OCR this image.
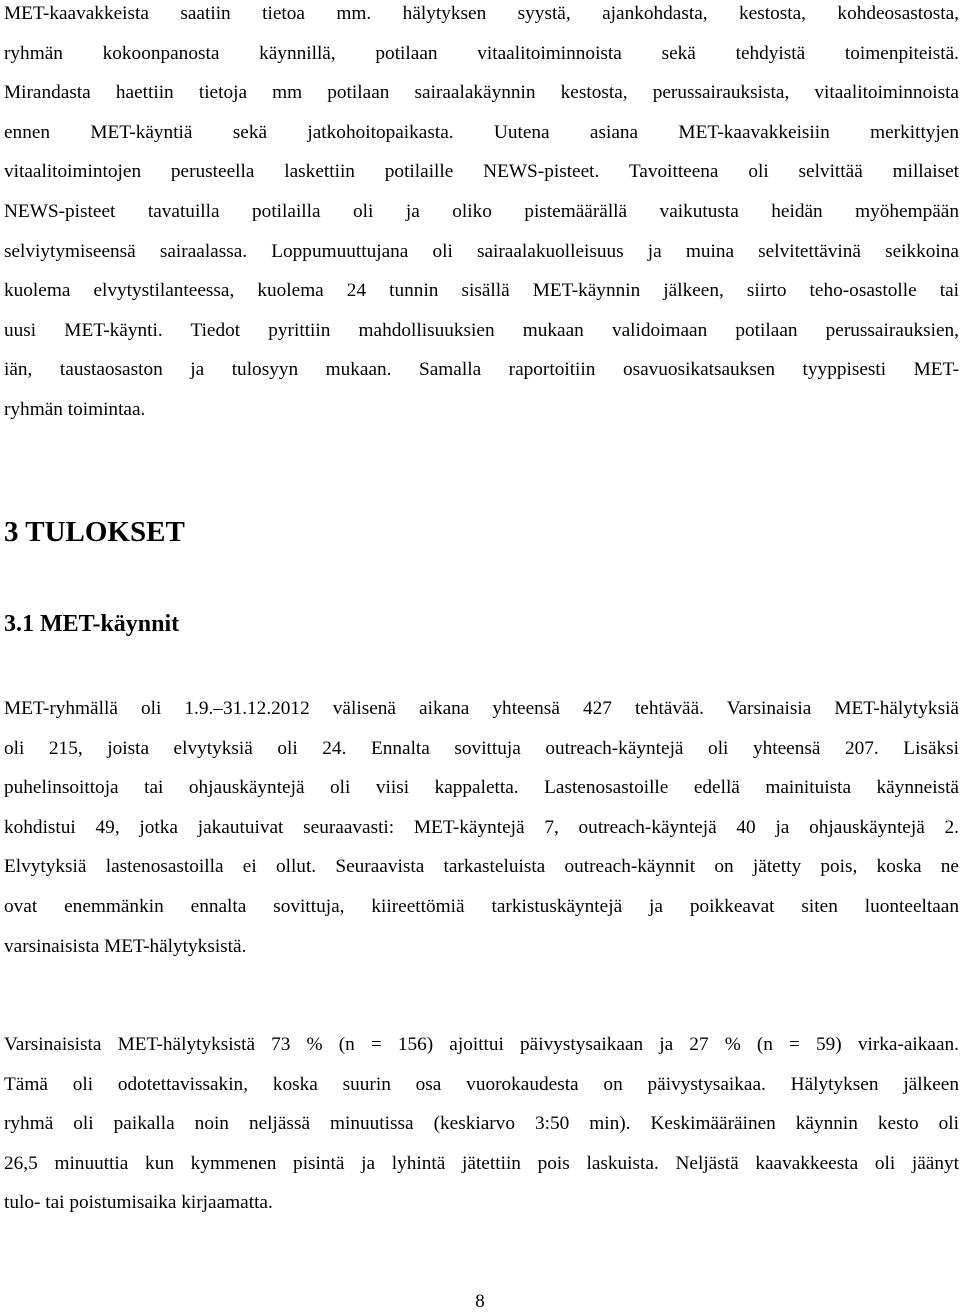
MET-kaavakkeista saatiin tietoa mm. hälytyksen syystä, ajankohdasta, kestosta, kohdeosastosta,
ryhmän kokoonpanosta käynnillä, potilaan vitaalitoiminnoista sekä tehdyistä toimenpiteistä.
Mirandasta haettiin tietoja mm potilaan sairaalakäynnin kestosta, perussairauksista, vitaalitoiminnoista
ennen MET-käyntiä sekä jatkohoitopaikasta. Uutena asiana MET-kaavakkeisiin merkittyjen
vitaalitoimintojen perusteella laskettiin potilaille NEWS-pisteet. Tavoitteena oli selvittää millaiset
NEWS-pisteet tavatuilla potilailla oli ja oliko pistemäärällä vaikutusta heidän myöhempään
selviytymiseensä sairaalassa. Loppumuuttujana oli sairaalakuolleisuus ja muina selvitettävinä seikkoina
kuolema elvytystilanteessa, kuolema 24 tunnin sisällä MET-käynnin jälkeen, siirto teho-osastolle tai
uusi MET-käynti. Tiedot pyrittiin mahdollisuuksien mukaan validoimaan potilaan perussairauksien,
iän, taustaosaston ja tulosyyn mukaan. Samalla raportoitiin osavuosikatsauksen tyyppisesti MET-
ryhmän toimintaa.

3 TULOKSET
3.1 MET-käynnit

MET-ryhmällä oli 1.9.–31.12.2012 välisenä aikana yhteensä 427 tehtävää. Varsinaisia MET-hälytyksiä
oli 215, joista elvytyksiä oli 24. Ennalta sovittuja outreach-käyntejä oli yhteensä 207. Lisäksi
puhelinsoittoja tai ohjauskäyntejä oli viisi kappaletta. Lastenosastoille edellä mainituista käynneistä
kohdistui 49, jotka jakautuivat seuraavasti: MET-käyntejä 7, outreach-käyntejä 40 ja ohjauskäyntejä 2.
Elvytyksiä lastenosastoilla ei ollut. Seuraavista tarkasteluista outreach-käynnit on jätetty pois, koska ne
ovat enemmänkin ennalta sovittuja, kiireettömiä tarkistuskäyntejä ja poikkeavat siten luonteeltaan
varsinaisista MET-hälytyksistä.

Varsinaisista MET-hälytyksistä 73 % (n = 156) ajoittui päivystysaikaan ja 27 % (n = 59) virka-aikaan.
Tämä oli odotettavissakin, koska suurin osa vuorokaudesta on päivystysaikaa. Hälytyksen jälkeen
ryhmä oli paikalla noin neljässä minuutissa (keskiarvo 3:50 min). Keskimääräinen käynnin kesto oli
26,5 minuuttia kun kymmenen pisintä ja lyhintä jätettiin pois laskuista. Neljästä kaavakkeesta oli jäänyt
tulo- tai poistumisaika kirjaamatta.

8
